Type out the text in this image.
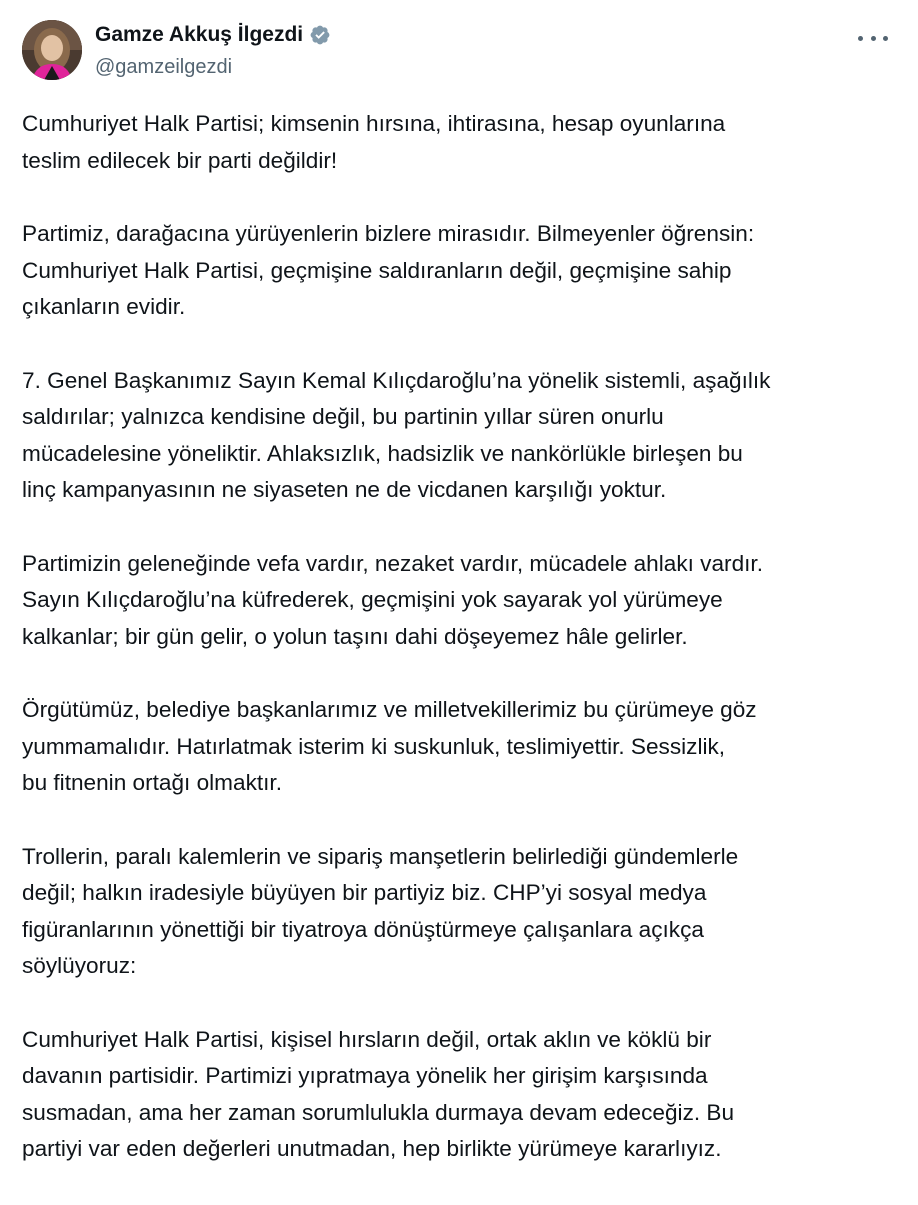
Gamze Akkuş İlgezdi
@gamzeilgezdi

Cumhuriyet Halk Partisi; kimsenin hırsına, ihtirasına, hesap oyunlarına
teslim edilecek bir parti değildir!

Partimiz, darağacına yürüyenlerin bizlere mirasıdır. Bilmeyenler öğrensin:
Cumhuriyet Halk Partisi, geçmişine saldıranların değil, geçmişine sahip
çıkanların evidir.

7. Genel Başkanımız Sayın Kemal Kılıçdaroğlu’na yönelik sistemli, aşağılık
saldırılar; yalnızca kendisine değil, bu partinin yıllar süren onurlu
mücadelesine yöneliktir. Ahlaksızlık, hadsizlik ve nankörlükle birleşen bu
linç kampanyasının ne siyaseten ne de vicdanen karşılığı yoktur.

Partimizin geleneğinde vefa vardır, nezaket vardır, mücadele ahlakı vardır.
Sayın Kılıçdaroğlu’na küfrederek, geçmişini yok sayarak yol yürümeye
kalkanlar; bir gün gelir, o yolun taşını dahi döşeyemez hâle gelirler.

Örgütümüz, belediye başkanlarımız ve milletvekillerimiz bu çürümeye göz
yummamalıdır. Hatırlatmak isterim ki suskunluk, teslimiyettir. Sessizlik,
bu fitnenin ortağı olmaktır.

Trollerin, paralı kalemlerin ve sipariş manşetlerin belirlediği gündemlerle
değil; halkın iradesiyle büyüyen bir partiyiz biz. CHP’yi sosyal medya
figüranlarının yönettiği bir tiyatroya dönüştürmeye çalışanlara açıkça
söylüyoruz:

Cumhuriyet Halk Partisi, kişisel hırsların değil, ortak aklın ve köklü bir
davanın partisidir. Partimizi yıpratmaya yönelik her girişim karşısında
susmadan, ama her zaman sorumlulukla durmaya devam edeceğiz. Bu
partiyi var eden değerleri unutmadan, hep birlikte yürümeye kararlıyız.
